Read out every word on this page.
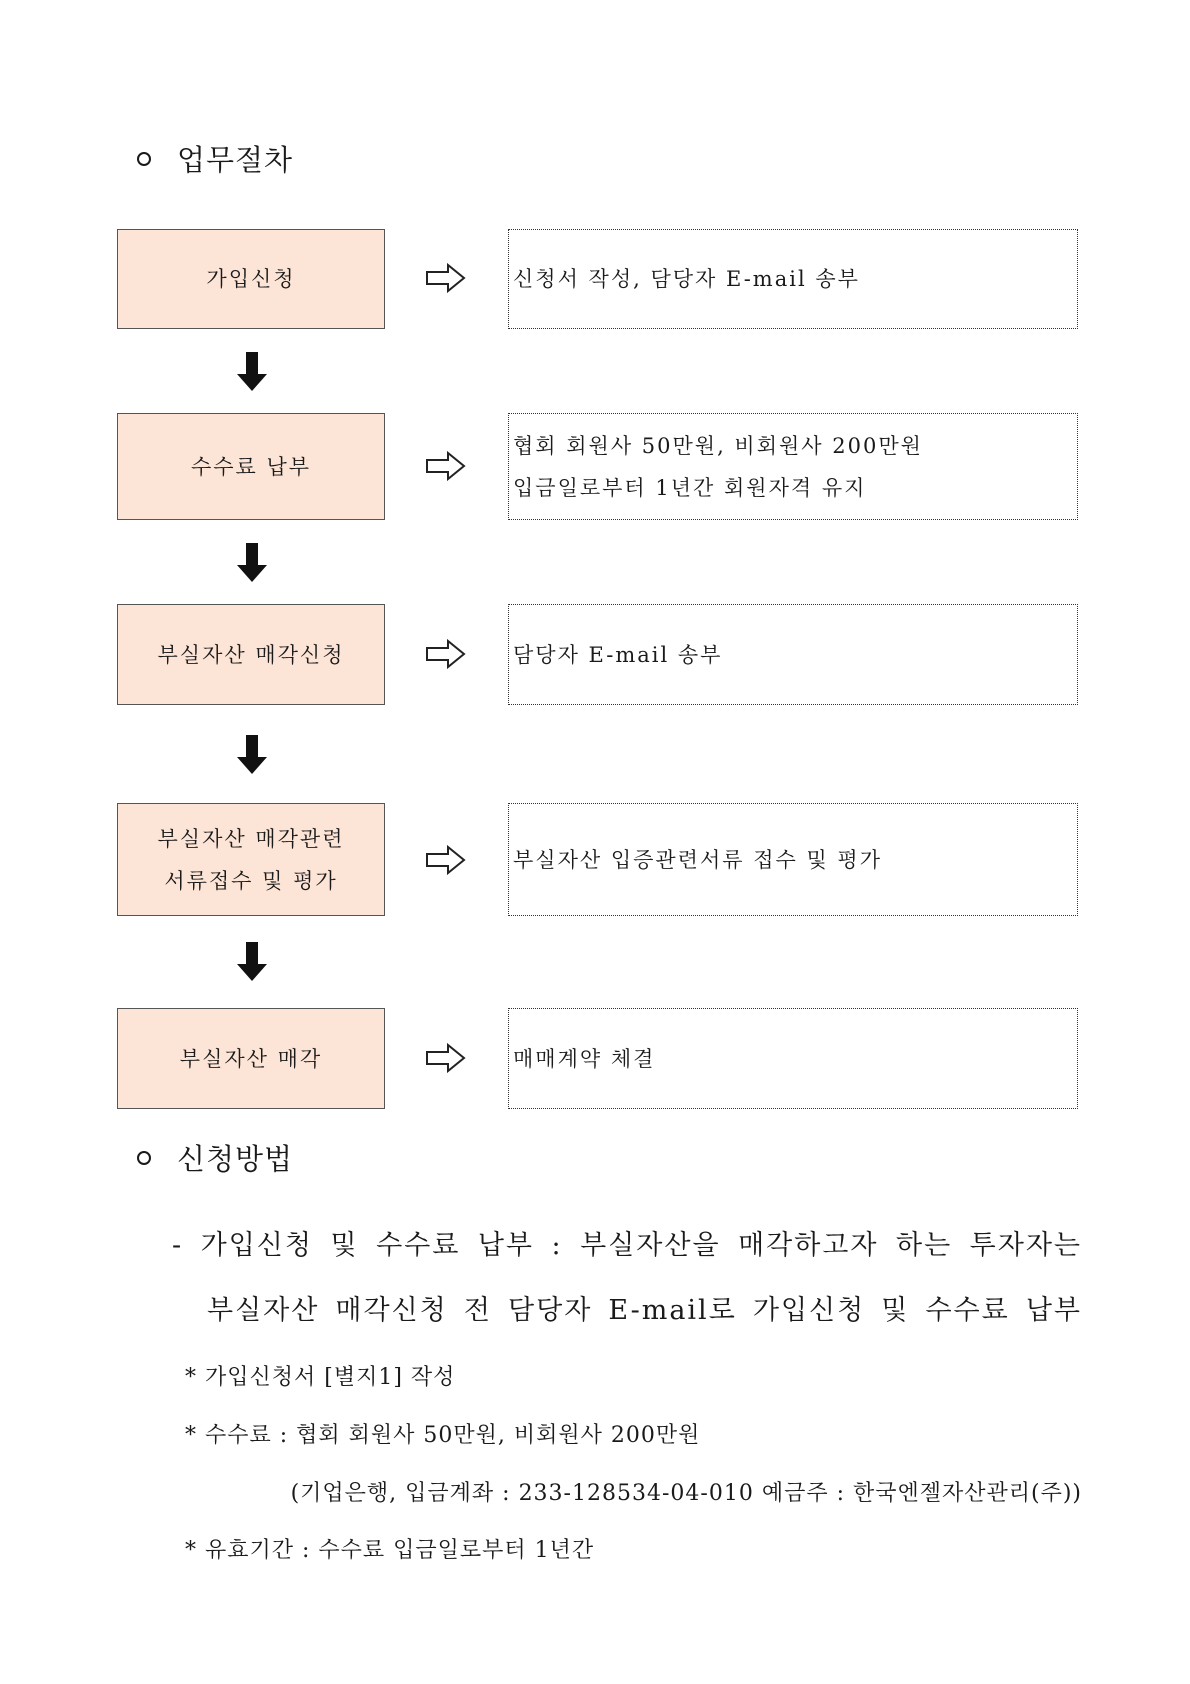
업무절차
가입신청	신청서 작성, 담당자 E-mail 송부
수수료 납부
협회 회원사 50만원, 비회원사 200만원
입금일로부터 1년간 회원자격 유지
부실자산 매각신청	담당자 E-mail 송부
부실자산 매각관련
서류접수 및 평가
부실자산 입증관련서류 접수 및 평가
부실자산 매각	매매계약 체결
신청방법
- 가입신청 및 수수료 납부 : 부실자산을 매각하고자 하는 투자자는
부실자산 매각신청 전 담당자 E-mail로 가입신청 및 수수료 납부
* 가입신청서 [별지1] 작성
* 수수료 : 협회 회원사 50만원, 비회원사 200만원
(기업은행, 입금계좌 : 233-128534-04-010 예금주 : 한국엔젤자산관리(주))
* 유효기간 : 수수료 입금일로부터 1년간
